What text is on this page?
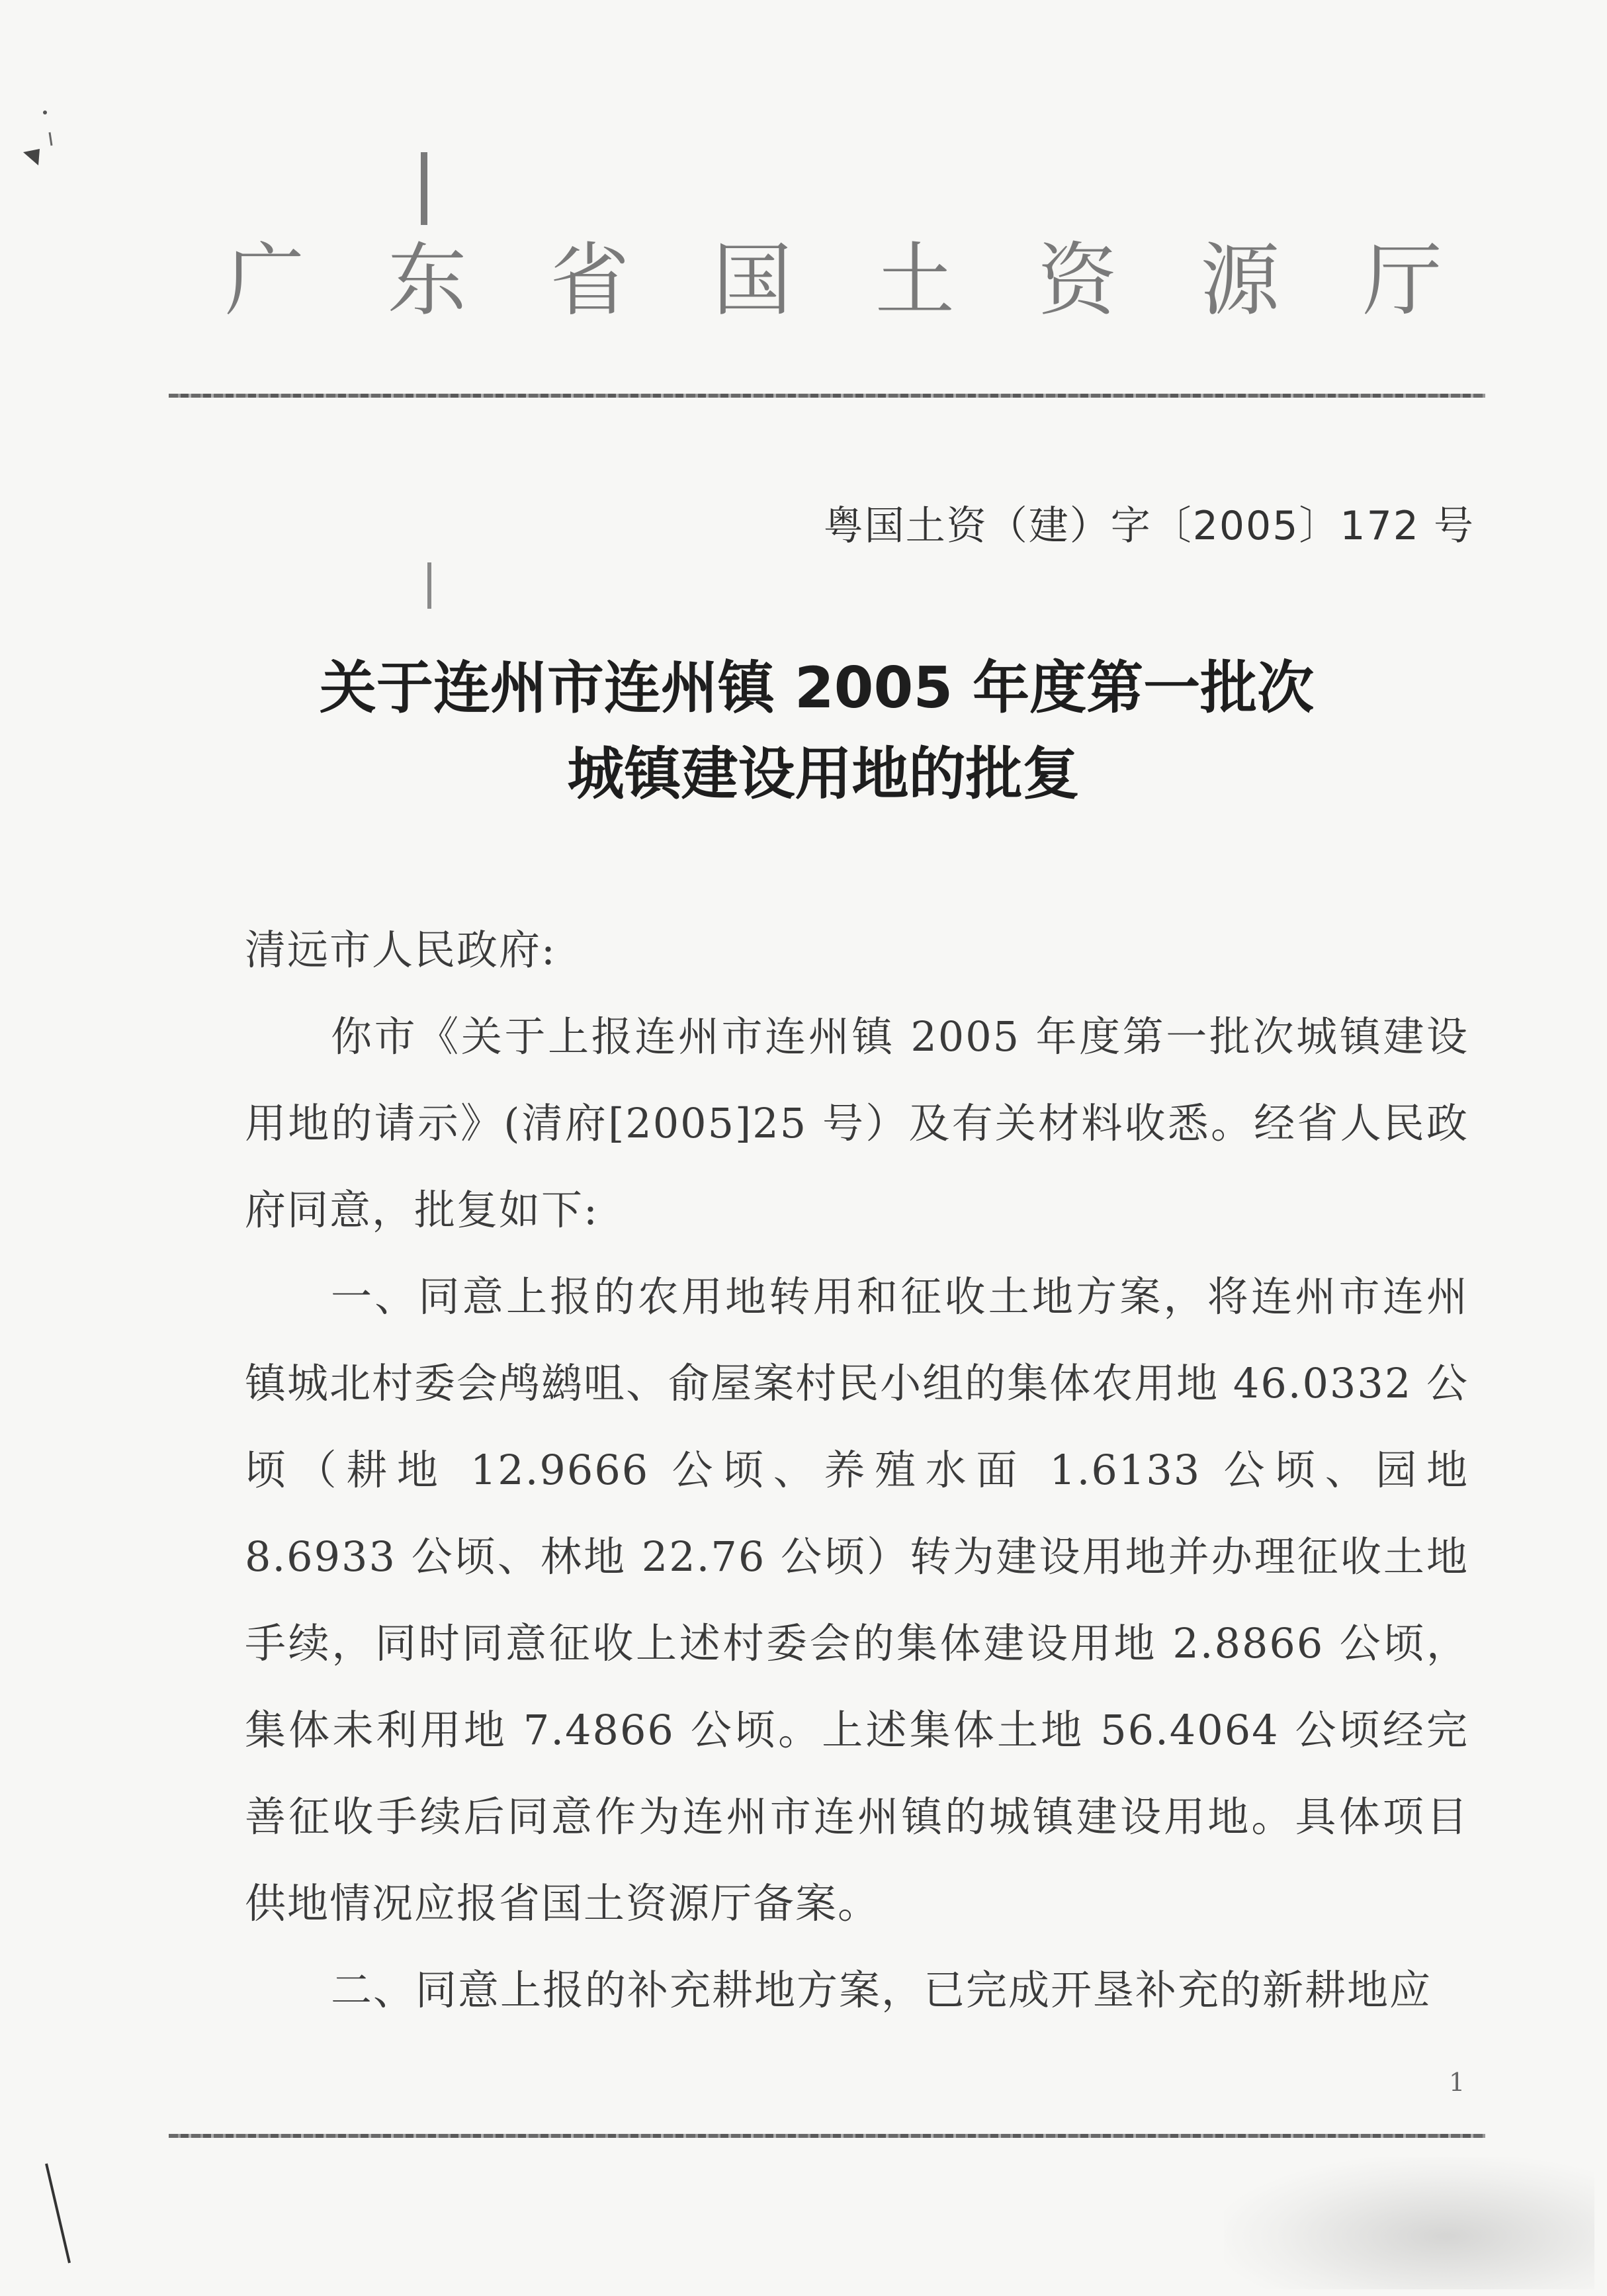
广 东 省 国 土 资 源 厅
粤国土资（建）字〔2005〕172 号
关于连州市连州镇 2005 年度第一批次
城镇建设用地的批复

清远市人民政府:

你市《关于上报连州市连州镇 2005 年度第一批次城镇建设用地的请示》(清府[2005]25 号）及有关材料收悉。经省人民政府同意，批复如下:

一、同意上报的农用地转用和征收土地方案，将连州市连州镇城北村委会鸬鹚咀、俞屋案村民小组的集体农用地 46.0332 公顷（耕地 12.9666 公顷、养殖水面 1.6133 公顷、园地 8.6933 公顷、林地 22.76 公顷）转为建设用地并办理征收土地手续，同时同意征收上述村委会的集体建设用地 2.8866 公顷，集体未利用地 7.4866 公顷。上述集体土地 56.4064 公顷经完善征收手续后同意作为连州市连州镇的城镇建设用地。具体项目供地情况应报省国土资源厅备案。

二、同意上报的补充耕地方案，已完成开垦补充的新耕地应

1
